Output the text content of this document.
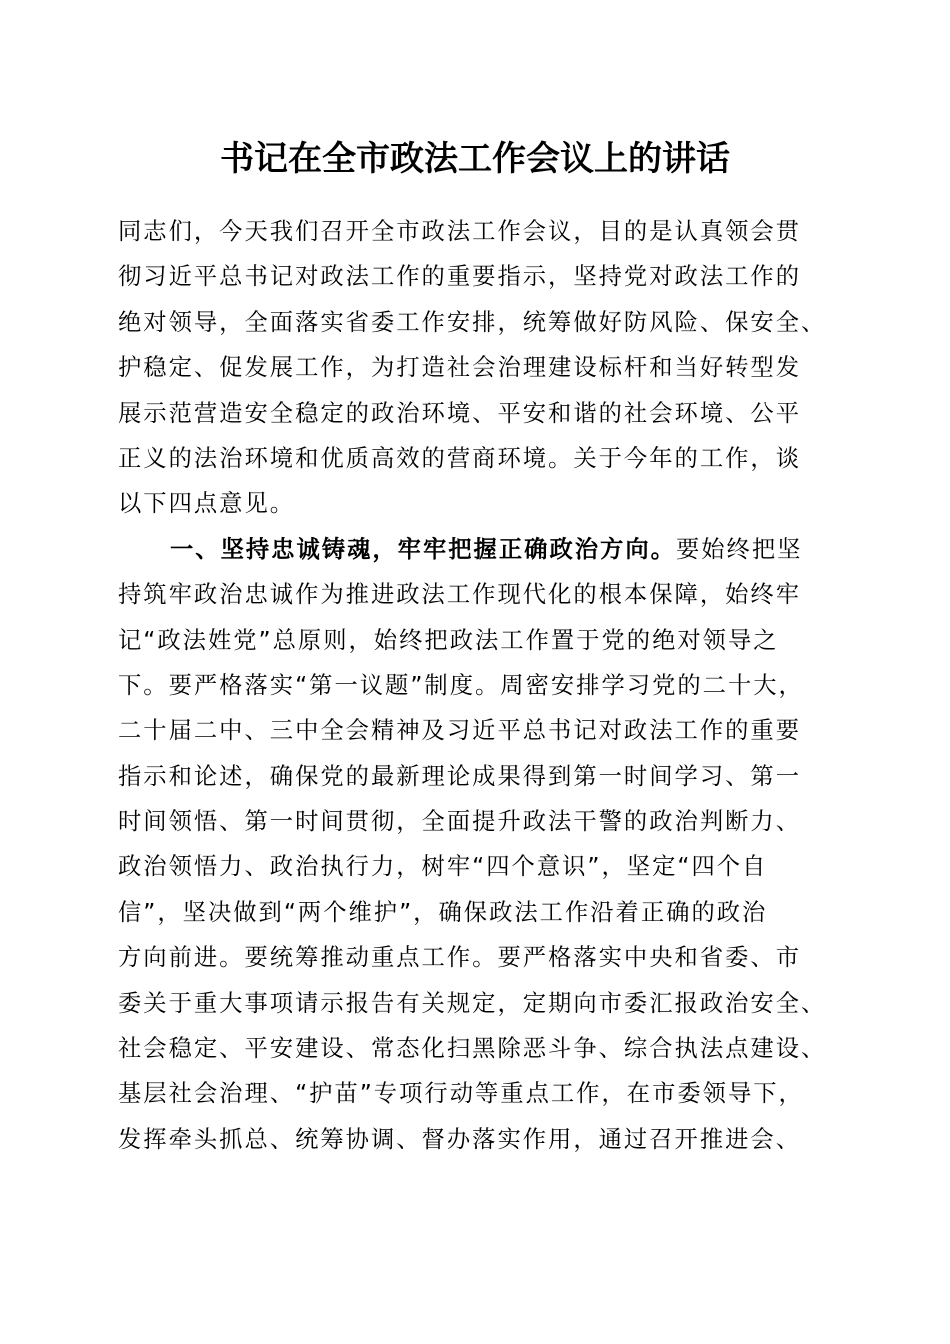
书记在全市政法工作会议上的讲话
同志们，今天我们召开全市政法工作会议，目的是认真领会贯
彻习近平总书记对政法工作的重要指示，坚持党对政法工作的
绝对领导，全面落实省委工作安排，统筹做好防风险、保安全、
护稳定、促发展工作，为打造社会治理建设标杆和当好转型发
展示范营造安全稳定的政治环境、平安和谐的社会环境、公平
正义的法治环境和优质高效的营商环境。关于今年的工作，谈
以下四点意见。
一、坚持忠诚铸魂，牢牢把握正确政治方向。要始终把坚
持筑牢政治忠诚作为推进政法工作现代化的根本保障，始终牢
记“政法姓党”总原则，始终把政法工作置于党的绝对领导之
下。要严格落实“第一议题”制度。周密安排学习党的二十大，
二十届二中、三中全会精神及习近平总书记对政法工作的重要
指示和论述，确保党的最新理论成果得到第一时间学习、第一
时间领悟、第一时间贯彻，全面提升政法干警的政治判断力、
政治领悟力、政治执行力，树牢“四个意识”，坚定“四个自
信”，坚决做到“两个维护”，确保政法工作沿着正确的政治
方向前进。要统筹推动重点工作。要严格落实中央和省委、市
委关于重大事项请示报告有关规定，定期向市委汇报政治安全、
社会稳定、平安建设、常态化扫黑除恶斗争、综合执法点建设、
基层社会治理、“护苗”专项行动等重点工作，在市委领导下，
发挥牵头抓总、统筹协调、督办落实作用，通过召开推进会、
